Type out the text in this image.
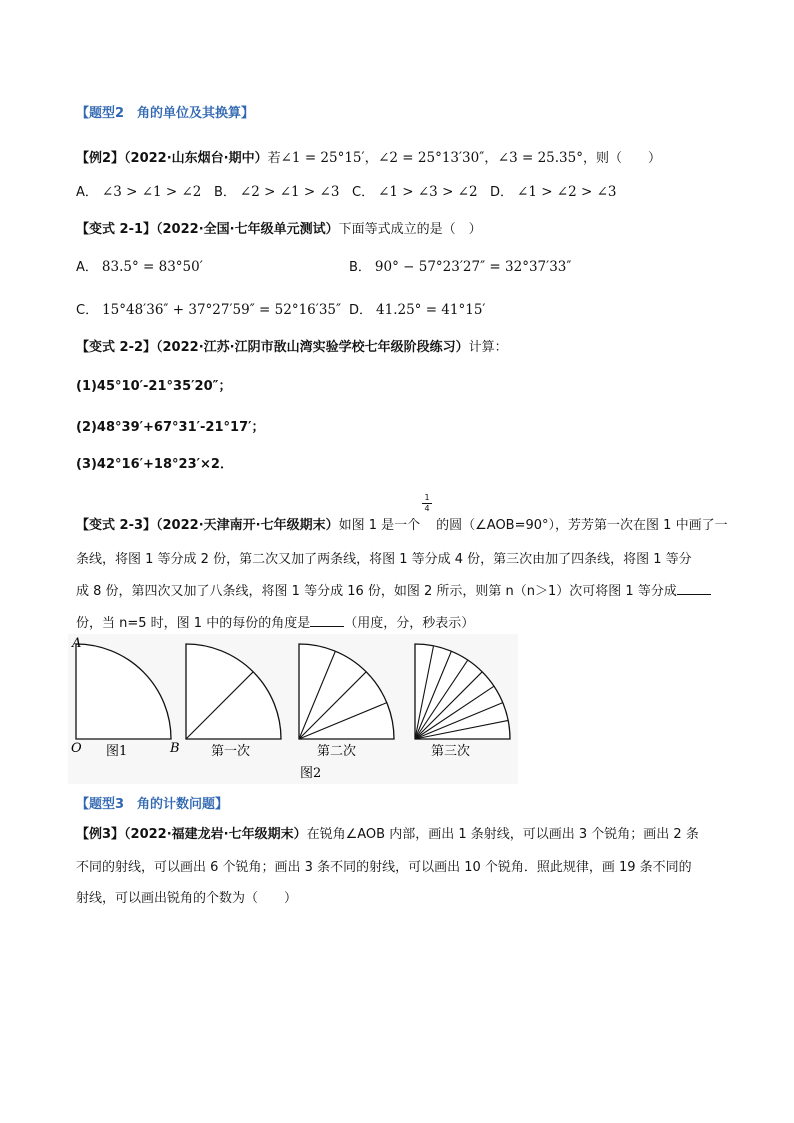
【题型2　角的单位及其换算】
【例2】（2022·山东烟台·期中）若∠1 = 25°15′，∠2 = 25°13′30″，∠3 = 25.35°，则（　　）
A． ∠3 > ∠1 > ∠2 B． ∠2 > ∠1 > ∠3 C． ∠1 > ∠3 > ∠2 D． ∠1 > ∠2 > ∠3
【变式 2-1】（2022·全国·七年级单元测试）下面等式成立的是（　）
A． 83.5° = 83°50′	B． 90° − 57°23′27″ = 32°37′33″
C． 15°48′36″ + 37°27′59″ = 52°16′35″ D． 41.25° = 41°15′
【变式 2-2】（2022·江苏·江阴市敔山湾实验学校七年级阶段练习）计算：
(1)45°10′-21°35′20″；
(2)48°39′+67°31′-21°17′；
(3)42°16′+18°23′×2．
【变式 2-3】（2022·天津南开·七年级期末）如图 1 是一个 的圆（∠AOB=90°），芳芳第一次在图 1 中画了一
$\frac{1}{4}$
条线，将图 1 等分成 2 份，第二次又加了两条线，将图 1 等分成 4 份，第三次由加了四条线，将图 1 等分
成 8 份，第四次又加了八条线，将图 1 等分成 16 份，如图 2 所示，则第 n（n＞1）次可将图 1 等分成
份，当 n=5 时，图 1 中的每份的角度是	（用度，分，秒表示）
A
O	B
图1	第一次	第二次	第三次
图2
【题型3　角的计数问题】
【例3】（2022·福建龙岩·七年级期末）在锐角∠AOB 内部，画出 1 条射线，可以画出 3 个锐角；画出 2 条
不同的射线，可以画出 6 个锐角；画出 3 条不同的射线，可以画出 10 个锐角．照此规律，画 19 条不同的
射线，可以画出锐角的个数为（　　）
